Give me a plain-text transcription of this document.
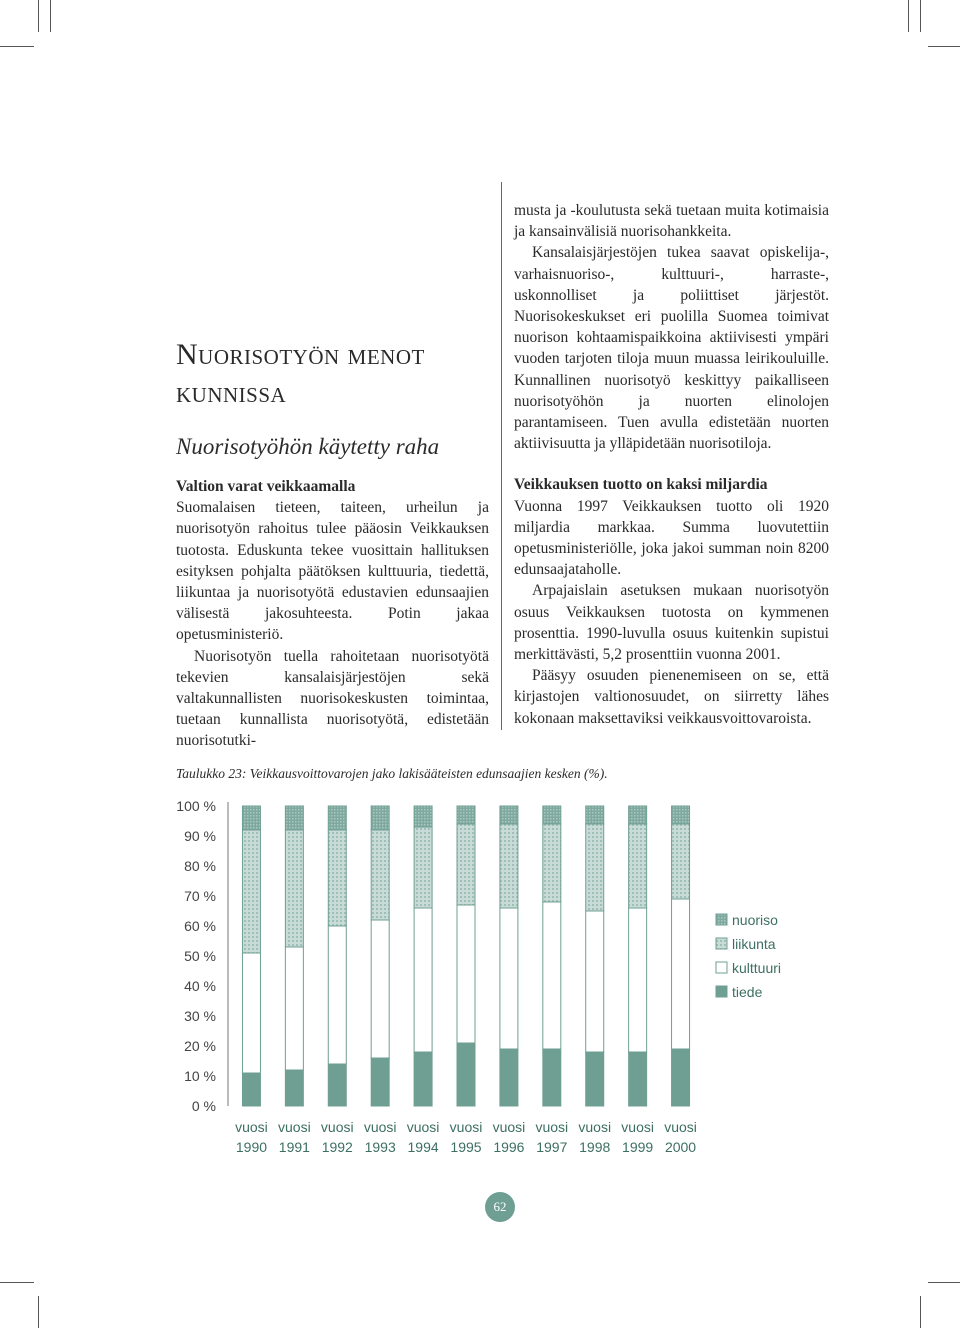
Nuorisotyön menot
kunnissa
Nuorisotyöhön käytetty raha
Valtion varat veikkaamalla

Suomalaisen tieteen, taiteen, urheilun ja nuorisotyön rahoitus tulee pääosin Veikkauksen tuotosta. Eduskunta tekee vuosittain hallituksen esityksen pohjalta päätöksen kulttuuria, tiedettä, liikuntaa ja nuorisotyötä edustavien edunsaajien välisestä jakosuhteesta. Potin jakaa opetusministeriö.

Nuorisotyön tuella rahoitetaan nuorisotyötä tekevien kansalaisjärjestöjen sekä valtakunnallisten nuorisokeskusten toimintaa, tuetaan kunnallista nuorisotyötä, edistetään nuorisotutki-

musta ja -koulutusta sekä tuetaan muita kotimaisia ja kansainvälisiä nuorisohankkeita.

Kansalaisjärjestöjen tukea saavat opiskelija-, varhaisnuoriso-, kulttuuri-, harraste-, uskonnolliset ja poliittiset järjestöt. Nuorisokeskukset eri puolilla Suomea toimivat nuorison kohtaamispaikkoina aktiivisesti ympäri vuoden tarjoten tiloja muun muassa leirikouluille. Kunnallinen nuorisotyö keskittyy paikalliseen nuorisotyöhön ja nuorten elinolojen parantamiseen. Tuen avulla edistetään nuorten aktiivisuutta ja ylläpidetään nuorisotiloja.

Veikkauksen tuotto on kaksi miljardia

Vuonna 1997 Veikkauksen tuotto oli 1920 miljardia markkaa. Summa luovutettiin opetusministeriölle, joka jakoi summan noin 8200 edunsaajataholle.

Arpajaislain asetuksen mukaan nuorisotyön osuus Veikkauksen tuotosta on kymmenen prosenttia. 1990-luvulla osuus kuitenkin supistui merkittävästi, 5,2 prosenttiin vuonna 2001.

Pääsyy osuuden pienenemiseen on se, että kirjastojen valtionosuudet, on siirretty lähes kokonaan maksettaviksi veikkausvoittovaroista.

Taulukko 23: Veikkausvoittovarojen jako lakisääteisten edunsaajien kesken (%).
0 %
10 %
20 %
30 %
40 %
50 %
60 %
70 %
80 %
90 %
100 %
vuosi
1990
vuosi
1991
vuosi
1992
vuosi
1993
vuosi
1994
vuosi
1995
vuosi
1996
vuosi
1997
vuosi
1998
vuosi
1999
vuosi
2000
nuoriso
liikunta
kulttuuri
tiede
62
